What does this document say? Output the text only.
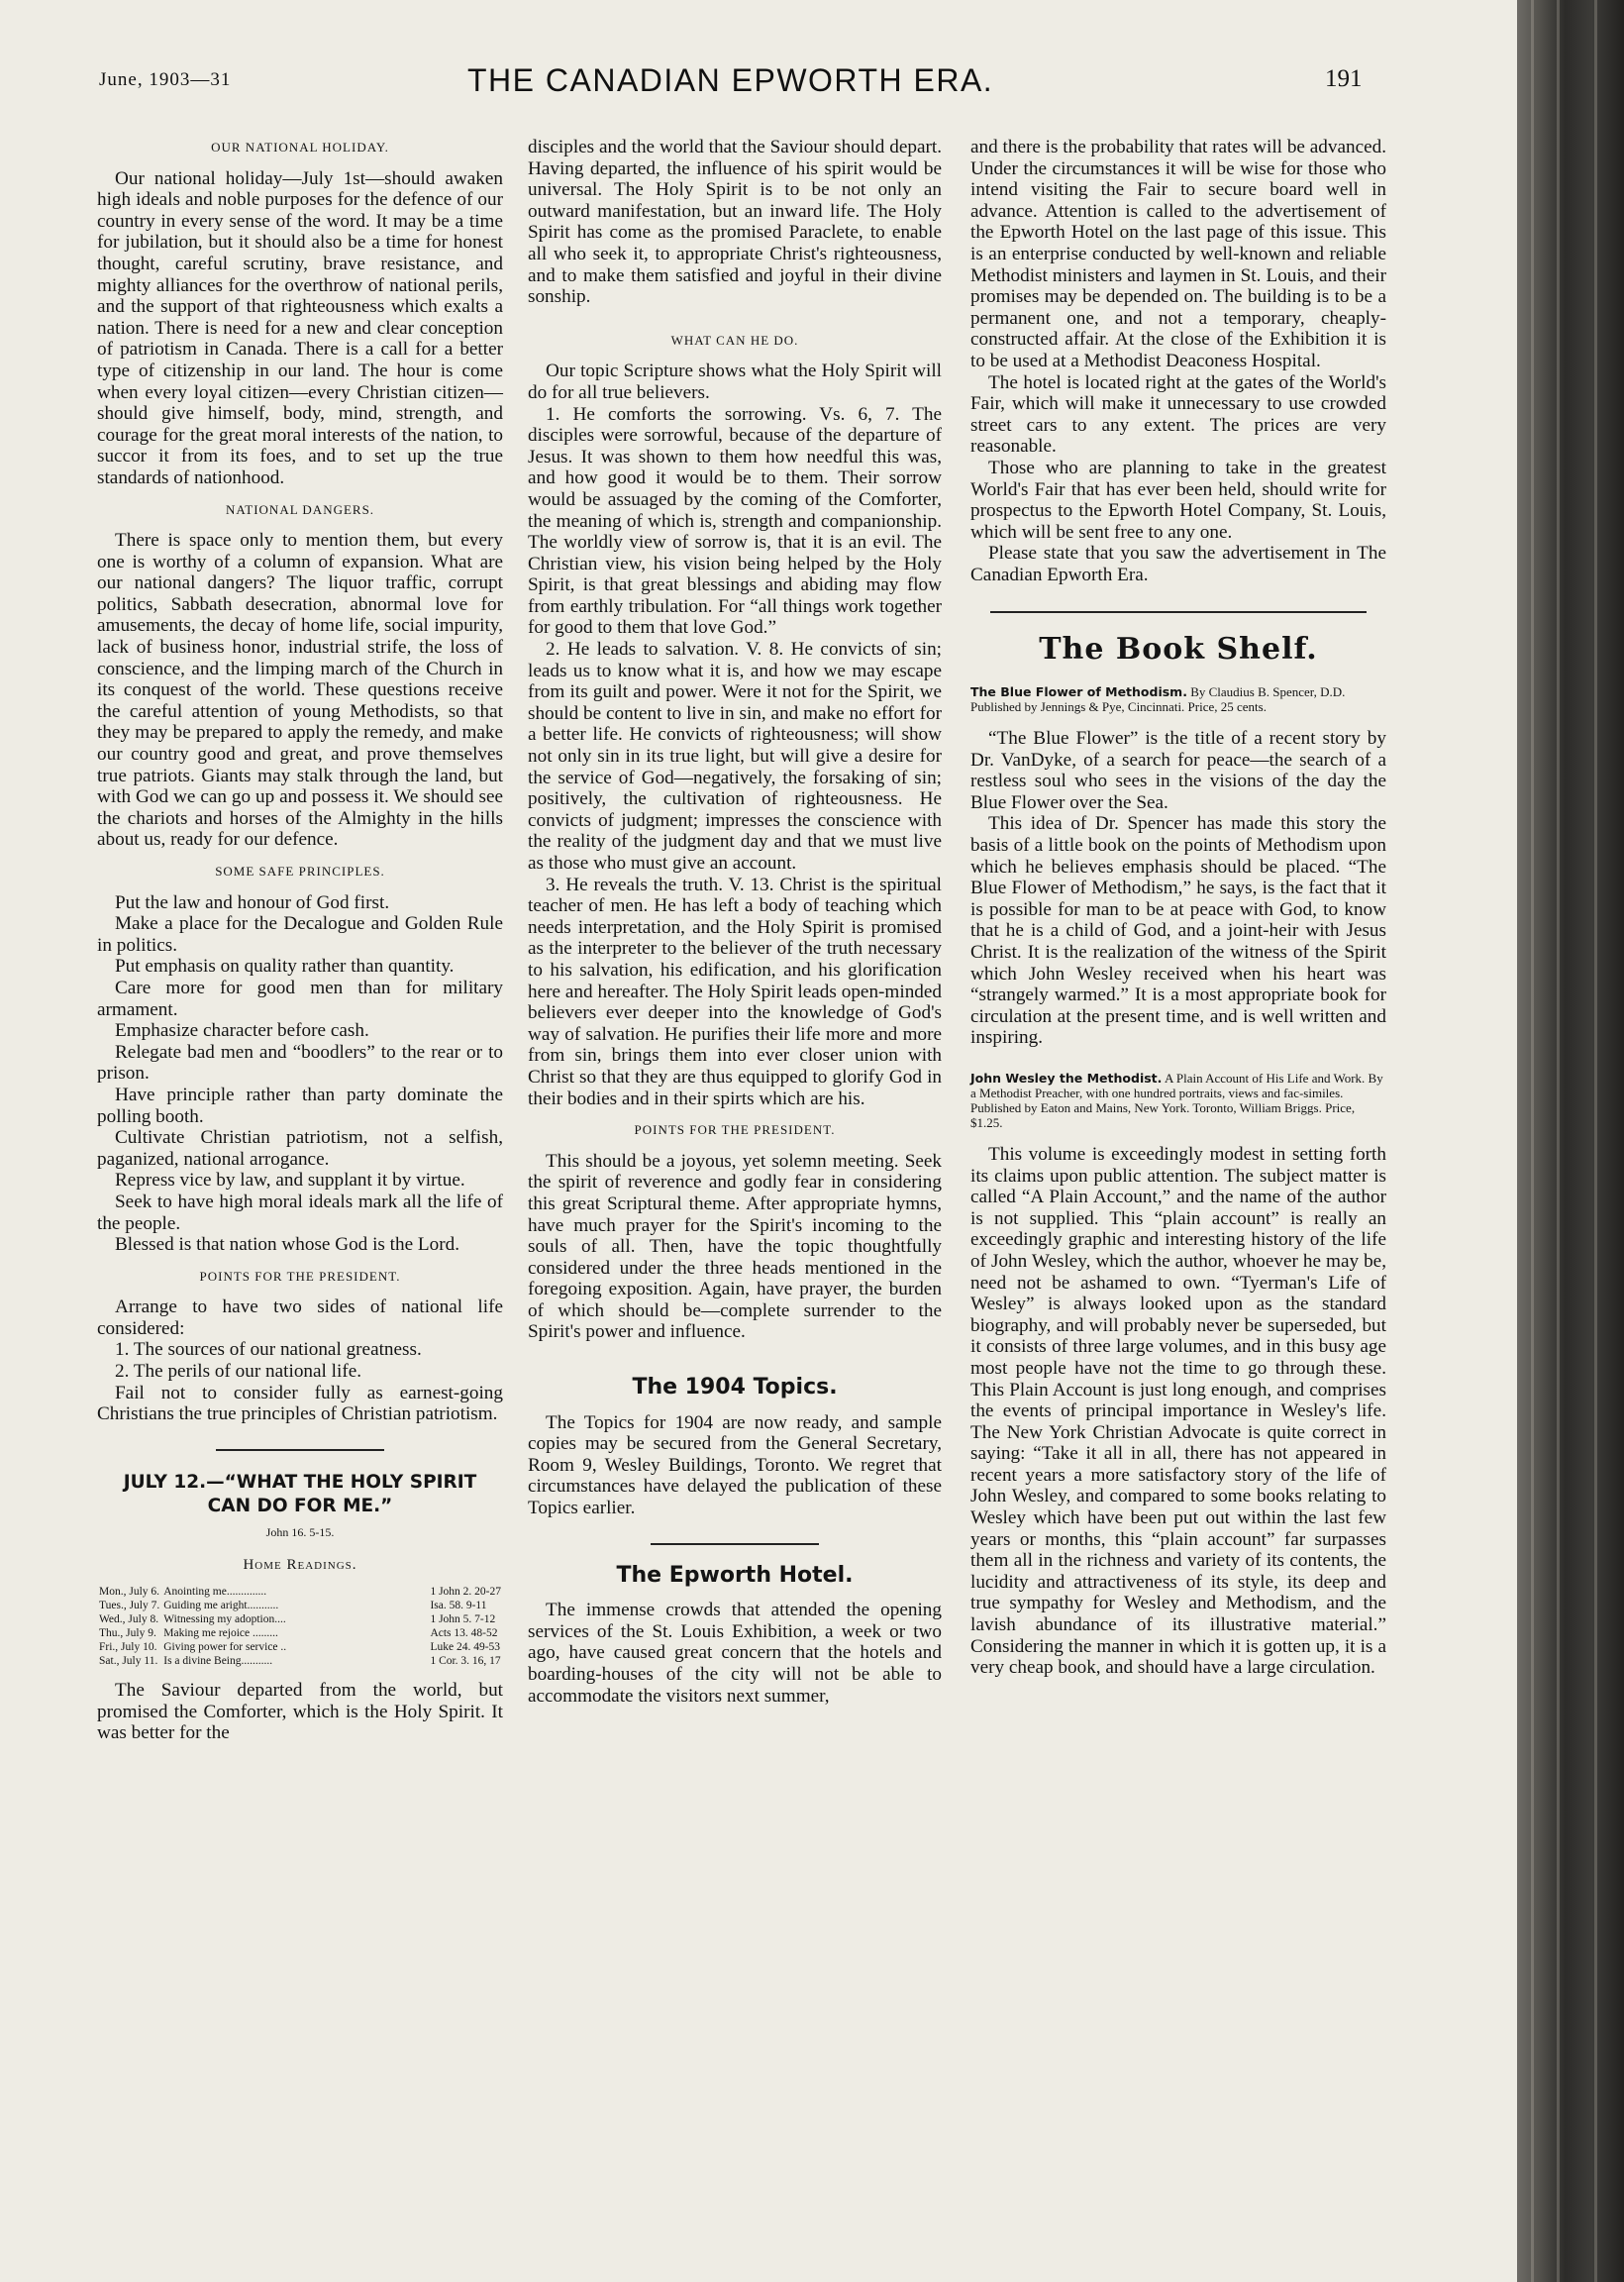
June, 1903—31	THE CANADIAN EPWORTH ERA.	191
OUR NATIONAL HOLIDAY.

Our national holiday—July 1st—should awaken high ideals and noble purposes for the defence of our country in every sense of the word. It may be a time for jubilation, but it should also be a time for honest thought, careful scrutiny, brave resistance, and mighty alliances for the overthrow of national perils, and the support of that righteousness which exalts a nation. There is need for a new and clear conception of patriotism in Canada. There is a call for a better type of citizenship in our land. The hour is come when every loyal citizen—every Christian citizen—should give himself, body, mind, strength, and courage for the great moral interests of the nation, to succor it from its foes, and to set up the true standards of nationhood.

NATIONAL DANGERS.

There is space only to mention them, but every one is worthy of a column of expansion. What are our national dangers? The liquor traffic, corrupt politics, Sabbath desecration, abnormal love for amusements, the decay of home life, social impurity, lack of business honor, industrial strife, the loss of conscience, and the limping march of the Church in its conquest of the world. These questions receive the careful attention of young Methodists, so that they may be prepared to apply the remedy, and make our country good and great, and prove themselves true patriots. Giants may stalk through the land, but with God we can go up and possess it. We should see the chariots and horses of the Almighty in the hills about us, ready for our defence.

SOME SAFE PRINCIPLES.

Put the law and honour of God first.

Make a place for the Decalogue and Golden Rule in politics.

Put emphasis on quality rather than quantity.

Care more for good men than for military armament.

Emphasize character before cash.

Relegate bad men and “boodlers” to the rear or to prison.

Have principle rather than party dominate the polling booth.

Cultivate Christian patriotism, not a selfish, paganized, national arrogance.

Repress vice by law, and supplant it by virtue.

Seek to have high moral ideals mark all the life of the people.

Blessed is that nation whose God is the Lord.

POINTS FOR THE PRESIDENT.

Arrange to have two sides of national life considered:

1. The sources of our national greatness.

2. The perils of our national life.

Fail not to consider fully as earnest-going Christians the true principles of Christian patriotism.

JULY 12.—“WHAT THE HOLY SPIRIT
CAN DO FOR ME.”
John 16. 5-15.
Home Readings.
Mon., July 6.	Anointing me..............	1 John 2. 20-27
Tues., July 7.	Guiding me aright...........	Isa. 58. 9-11
Wed., July 8.	Witnessing my adoption....	1 John 5. 7-12
Thu., July 9.	Making me rejoice .........	Acts 13. 48-52
Fri., July 10.	Giving power for service ..	Luke 24. 49-53
Sat., July 11.	Is a divine Being...........	1 Cor. 3. 16, 17

The Saviour departed from the world, but promised the Comforter, which is the Holy Spirit. It was better for the

disciples and the world that the Saviour should depart. Having departed, the influence of his spirit would be universal. The Holy Spirit is to be not only an outward manifestation, but an inward life. The Holy Spirit has come as the promised Paraclete, to enable all who seek it, to appropriate Christ's righteousness, and to make them satisfied and joyful in their divine sonship.

WHAT CAN HE DO.

Our topic Scripture shows what the Holy Spirit will do for all true believers.

1. He comforts the sorrowing. Vs. 6, 7. The disciples were sorrowful, because of the departure of Jesus. It was shown to them how needful this was, and how good it would be to them. Their sorrow would be assuaged by the coming of the Comforter, the meaning of which is, strength and companionship. The worldly view of sorrow is, that it is an evil. The Christian view, his vision being helped by the Holy Spirit, is that great blessings and abiding may flow from earthly tribulation. For “all things work together for good to them that love God.”

2. He leads to salvation. V. 8. He convicts of sin; leads us to know what it is, and how we may escape from its guilt and power. Were it not for the Spirit, we should be content to live in sin, and make no effort for a better life. He convicts of righteousness; will show not only sin in its true light, but will give a desire for the service of God—negatively, the forsaking of sin; positively, the cultivation of righteousness. He convicts of judgment; impresses the conscience with the reality of the judgment day and that we must live as those who must give an account.

3. He reveals the truth. V. 13. Christ is the spiritual teacher of men. He has left a body of teaching which needs interpretation, and the Holy Spirit is promised as the interpreter to the believer of the truth necessary to his salvation, his edification, and his glorification here and hereafter. The Holy Spirit leads open-minded believers ever deeper into the knowledge of God's way of salvation. He purifies their life more and more from sin, brings them into ever closer union with Christ so that they are thus equipped to glorify God in their bodies and in their spirts which are his.

POINTS FOR THE PRESIDENT.

This should be a joyous, yet solemn meeting. Seek the spirit of reverence and godly fear in considering this great Scriptural theme. After appropriate hymns, have much prayer for the Spirit's incoming to the souls of all. Then, have the topic thoughtfully considered under the three heads mentioned in the foregoing exposition. Again, have prayer, the burden of which should be—complete surrender to the Spirit's power and influence.

The 1904 Topics.

The Topics for 1904 are now ready, and sample copies may be secured from the General Secretary, Room 9, Wesley Buildings, Toronto. We regret that circumstances have delayed the publication of these Topics earlier.

The Epworth Hotel.

The immense crowds that attended the opening services of the St. Louis Exhibition, a week or two ago, have caused great concern that the hotels and boarding-houses of the city will not be able to accommodate the visitors next summer,

and there is the probability that rates will be advanced. Under the circumstances it will be wise for those who intend visiting the Fair to secure board well in advance. Attention is called to the advertisement of the Epworth Hotel on the last page of this issue. This is an enterprise conducted by well-known and reliable Methodist ministers and laymen in St. Louis, and their promises may be depended on. The building is to be a permanent one, and not a temporary, cheaply-constructed affair. At the close of the Exhibition it is to be used at a Methodist Deaconess Hospital.

The hotel is located right at the gates of the World's Fair, which will make it unnecessary to use crowded street cars to any extent. The prices are very reasonable.

Those who are planning to take in the greatest World's Fair that has ever been held, should write for prospectus to the Epworth Hotel Company, St. Louis, which will be sent free to any one.

Please state that you saw the advertisement in The Canadian Epworth Era.

The Book Shelf.

The Blue Flower of Methodism. By Claudius B. Spencer, D.D. Published by Jennings & Pye, Cincinnati. Price, 25 cents.

“The Blue Flower” is the title of a recent story by Dr. VanDyke, of a search for peace—the search of a restless soul who sees in the visions of the day the Blue Flower over the Sea.

This idea of Dr. Spencer has made this story the basis of a little book on the points of Methodism upon which he believes emphasis should be placed. “The Blue Flower of Methodism,” he says, is the fact that it is possible for man to be at peace with God, to know that he is a child of God, and a joint-heir with Jesus Christ. It is the realization of the witness of the Spirit which John Wesley received when his heart was “strangely warmed.” It is a most appropriate book for circulation at the present time, and is well written and inspiring.

John Wesley the Methodist. A Plain Account of His Life and Work. By a Methodist Preacher, with one hundred portraits, views and fac-similes. Published by Eaton and Mains, New York. Toronto, William Briggs. Price, $1.25.

This volume is exceedingly modest in setting forth its claims upon public attention. The subject matter is called “A Plain Account,” and the name of the author is not supplied. This “plain account” is really an exceedingly graphic and interesting history of the life of John Wesley, which the author, whoever he may be, need not be ashamed to own. “Tyerman's Life of Wesley” is always looked upon as the standard biography, and will probably never be superseded, but it consists of three large volumes, and in this busy age most people have not the time to go through these. This Plain Account is just long enough, and comprises the events of principal importance in Wesley's life. The New York Christian Advocate is quite correct in saying: “Take it all in all, there has not appeared in recent years a more satisfactory story of the life of John Wesley, and compared to some books relating to Wesley which have been put out within the last few years or months, this “plain account” far surpasses them all in the richness and variety of its contents, the lucidity and attractiveness of its style, its deep and true sympathy for Wesley and Methodism, and the lavish abundance of its illustrative material.” Considering the manner in which it is gotten up, it is a very cheap book, and should have a large circulation.
